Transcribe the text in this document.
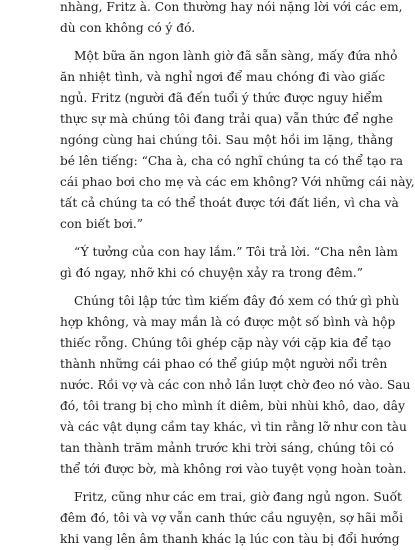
nhàng, Fritz à. Con thường hay nói nặng lời với các em,
dù con không có ý đó.

Một bữa ăn ngon lành giờ đã sẵn sàng, mấy đứa nhỏ
ăn nhiệt tình, và nghỉ ngơi để mau chóng đi vào giấc
ngủ. Fritz (người đã đến tuổi ý thức được nguy hiểm
thực sự mà chúng tôi đang trải qua) vẫn thức để nghe
ngóng cùng hai chúng tôi. Sau một hồi im lặng, thằng
bé lên tiếng: “Cha à, cha có nghĩ chúng ta có thể tạo ra
cái phao bơi cho mẹ và các em không? Với những cái này,
tất cả chúng ta có thể thoát được tới đất liền, vì cha và
con biết bơi.”

“Ý tưởng của con hay lắm.” Tôi trả lời. “Cha nên làm
gì đó ngay, nhỡ khi có chuyện xảy ra trong đêm.”

Chúng tôi lập tức tìm kiếm đây đó xem có thứ gì phù
hợp không, và may mắn là có được một số bình và hộp
thiếc rỗng. Chúng tôi ghép cặp này với cặp kia để tạo
thành những cái phao có thể giúp một người nổi trên
nước. Rồi vợ và các con nhỏ lần lượt chờ đeo nó vào. Sau
đó, tôi trang bị cho mình ít diêm, bùi nhùi khô, dao, dây
và các vật dụng cầm tay khác, vì tin rằng lỡ như con tàu
tan thành trăm mảnh trước khi trời sáng, chúng tôi có
thể tới được bờ, mà không rơi vào tuyệt vọng hoàn toàn.

Fritz, cũng như các em trai, giờ đang ngủ ngon. Suốt
đêm đó, tôi và vợ vẫn canh thức cầu nguyện, sợ hãi mỗi
khi vang lên âm thanh khác lạ lúc con tàu bị đổi hướng
